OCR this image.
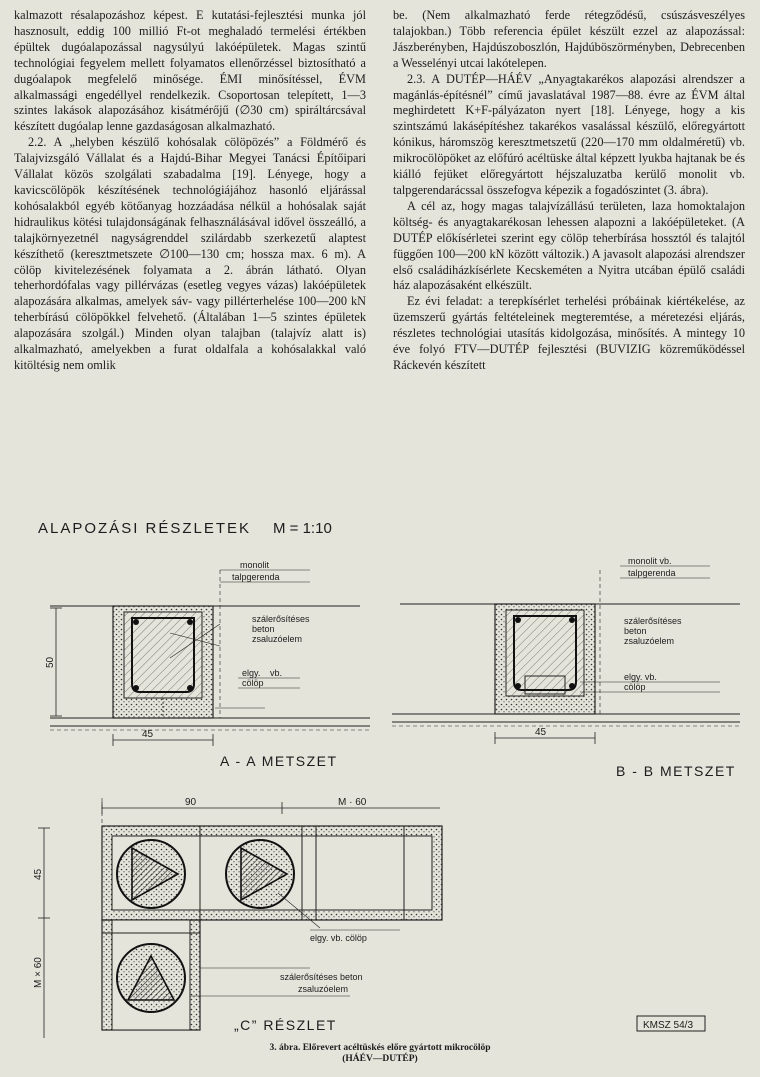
kalmazott résalapozáshoz képest. E kutatási-fejlesztési munka jól hasznosult, eddig 100 millió Ft-ot meghaladó termelési értékben épültek dugóalapozással nagysúlyú lakóépületek. Magas szintű technológiai fegyelem mellett folyamatos ellenőrzéssel biztosítható a dugóalapok megfelelő minősége. ÉMI minősítéssel, ÉVM alkalmassági engedéllyel rendelkezik. Csoportosan telepített, 1—3 szintes lakások alapozásához kisátmérőjű (∅30 cm) spiráltárcsával készített dugóalap lenne gazdaságosan alkalmazható.

2.2. A „helyben készülő kohósalak cölöpözés” a Földmérő és Talajvizsgáló Vállalat és a Hajdú-Bihar Megyei Tanácsi Építőipari Vállalat közös szolgálati szabadalma [19]. Lényege, hogy a kavicscölöpök készítésének technológiájához hasonló eljárással kohósalakból egyéb kötőanyag hozzáadása nélkül a hohósalak saját hidraulikus kötési tulajdonságának felhasználásával idővel összeálló, a talajkörnyezetnél nagyságrenddel szilárdabb szerkezetű alaptest készíthető (keresztmetszete ∅100—130 cm; hossza max. 6 m). A cölöp kivitelezésének folyamata a 2. ábrán látható. Olyan teherhordófalas vagy pillérvázas (esetleg vegyes vázas) lakóépületek alapozására alkalmas, amelyek sáv- vagy pillérterhelése 100—200 kN teherbírású cölöpökkel felvehető. (Általában 1—5 szintes épületek alapozására szolgál.) Minden olyan talajban (talajvíz alatt is) alkalmazható, amelyekben a furat oldalfala a kohósalakkal való kitöltésig nem omlik

be. (Nem alkalmazható ferde rétegződésű, csúszásveszélyes talajokban.) Több referencia épület készült ezzel az alapozással: Jászberényben, Hajdúszoboszlón, Hajdúböszörményben, Debrecenben a Wesselényi utcai lakótelepen.

2.3. A DUTÉP—HÁÉV „Anyagtakarékos alapozási alrendszer a magánlás-építésnél” című javaslatával 1987—88. évre az ÉVM által meghirdetett K+F-pályázaton nyert [18]. Lényege, hogy a kis szintszámú lakásépítéshez takarékos vasalással készülő, előregyártott kónikus, háromszög keresztmetszetű (220—170 mm oldalméretű) vb. mikrocölöpöket az előfúró acéltüske által képzett lyukba hajtanak be és kiálló fejüket előregyártott héjszaluzatba kerülő monolit vb. talpgerendarácssal összefogva képezik a fogadószintet (3. ábra).

A cél az, hogy magas talajvízállású területen, laza homoktalajon költség- és anyagtakarékosan lehessen alapozni a lakóépületeket. (A DUTÉP előkísérletei szerint egy cölöp teherbírása hossztól és talajtól függően 100—200 kN között változik.) A javasolt alapozási alrendszer első családiházkísérlete Kecskeméten a Nyitra utcában épülő családi ház alapozásaként elkészült.

Ez évi feladat: a terepkísérlet terhelési próbáinak kiértékelése, az üzemszerű gyártás feltételeinek megteremtése, a méretezési eljárás, részletes technológiai utasítás kidolgozása, minősítés. A mintegy 10 éve folyó FTV—DUTÉP fejlesztési (BUVIZIG közreműködéssel Ráckevén készített

ALAPOZÁSI RÉSZLETEK M = 1:10
50
monolit
talpgerenda
szálerősítéses
beton
zsaluzóelem
elgy. vb.
cölöp
45
A - A METSZET
monolit vb.
talpgerenda
szálerősítéses
beton
zsaluzóelem
elgy. vb.
cölöp
45
B - B METSZET
90	M · 60
45
M × 60
elgy. vb. cölöp
szálerősítéses beton
zsaluzóelem
„C” RÉSZLET	KMSZ 54/3
3. ábra. Előrevert acéltüskés előre gyártott mikrocölöp
(HÁÉV—DUTÉP)
